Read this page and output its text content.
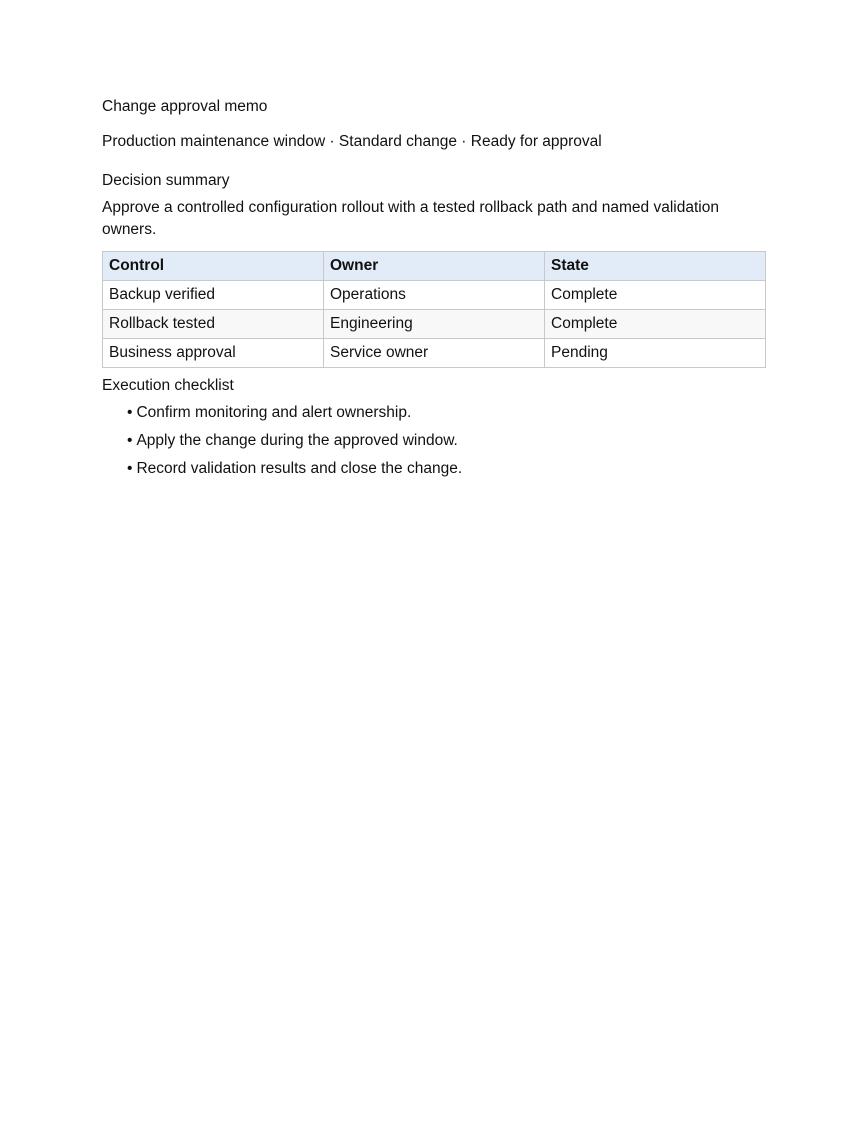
Change approval memo
Production maintenance window · Standard change · Ready for approval
Decision summary
Approve a controlled configuration rollout with a tested rollback path and named validation owners.
Control	Owner	State
Backup verified	Operations	Complete
Rollback tested	Engineering	Complete
Business approval	Service owner	Pending
Execution checklist
• Confirm monitoring and alert ownership.
• Apply the change during the approved window.
• Record validation results and close the change.
